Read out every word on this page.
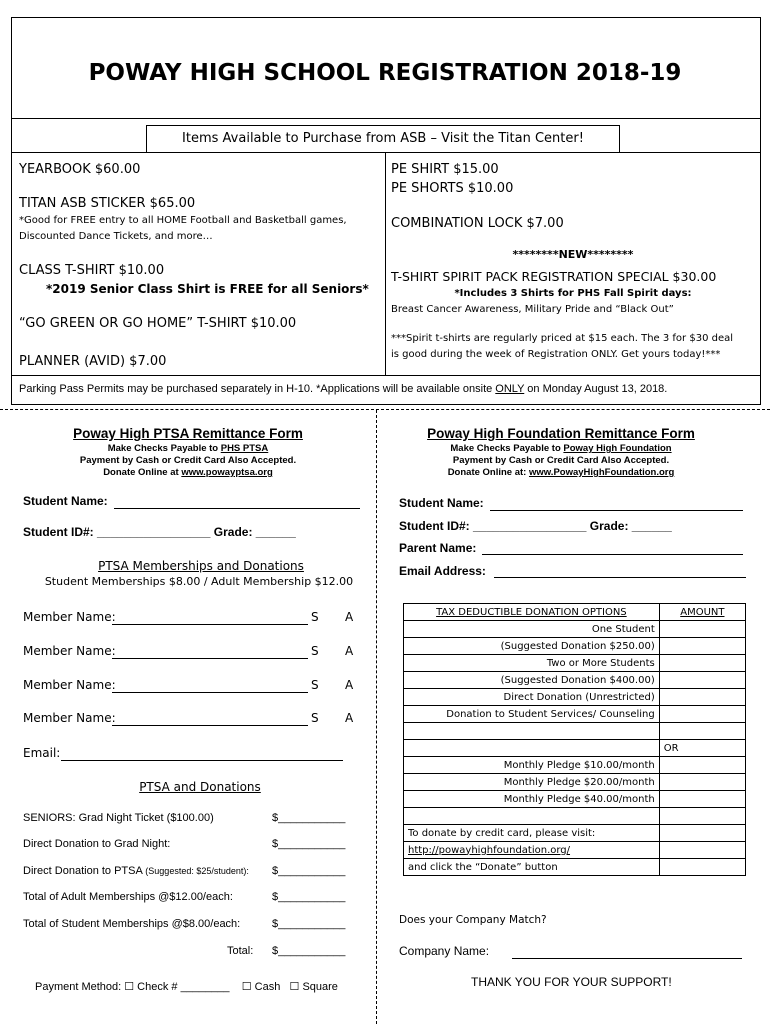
POWAY HIGH SCHOOL REGISTRATION 2018-19
Items Available to Purchase from ASB – Visit the Titan Center!
YEARBOOK $60.00
TITAN ASB STICKER $65.00
*Good for FREE entry to all HOME Football and Basketball games,
Discounted Dance Tickets, and more…
CLASS T-SHIRT $10.00
*2019 Senior Class Shirt is FREE for all Seniors*
“GO GREEN OR GO HOME” T-SHIRT $10.00
PLANNER (AVID) $7.00
PE SHIRT $15.00
PE SHORTS $10.00
COMBINATION LOCK $7.00
********NEW********
T-SHIRT SPIRIT PACK REGISTRATION SPECIAL $30.00
*Includes 3 Shirts for PHS Fall Spirit days:
Breast Cancer Awareness, Military Pride and “Black Out”
***Spirit t-shirts are regularly priced at $15 each. The 3 for $30 deal
is good during the week of Registration ONLY. Get yours today!***
Parking Pass Permits may be purchased separately in H-10. *Applications will be available onsite ONLY on Monday August 13, 2018.
Poway High PTSA Remittance Form
Make Checks Payable to PHS PTSA
Payment by Cash or Credit Card Also Accepted.
Donate Online at www.powayptsa.org
Student Name:
Student ID#: _________________ Grade: ______
PTSA Memberships and Donations
Student Memberships $8.00 / Adult Membership $12.00
Member Name:	S A
Member Name:	S A
Member Name:	S A
Member Name:	S A
Email:
PTSA and Donations
SENIORS: Grad Night Ticket ($100.00)	$___________
Direct Donation to Grad Night:	$___________
Direct Donation to PTSA (Suggested: $25/student): $___________
Total of Adult Memberships @$12.00/each:	$___________
Total of Student Memberships @$8.00/each:	$___________
Total: $___________
Payment Method: ☐ Check # ________    ☐ Cash   ☐ Square
Poway High Foundation Remittance Form
Make Checks Payable to Poway High Foundation
Payment by Cash or Credit Card Also Accepted.
Donate Online at: www.PowayHighFoundation.org
Student Name:
Student ID#: _________________ Grade: ______
Parent Name:
Email Address:
TAX DEDUCTIBLE DONATION OPTIONS	AMOUNT
One Student	
(Suggested Donation $250.00)	
Two or More Students	
(Suggested Donation $400.00)	
Direct Donation (Unrestricted)	
Donation to Student Services/ Counseling	

	OR
Monthly Pledge $10.00/month	
Monthly Pledge $20.00/month	
Monthly Pledge $40.00/month	

To donate by credit card, please visit:	
http://powayhighfoundation.org/	
and click the “Donate” button	
Does your Company Match?
Company Name:
THANK YOU FOR YOUR SUPPORT!
